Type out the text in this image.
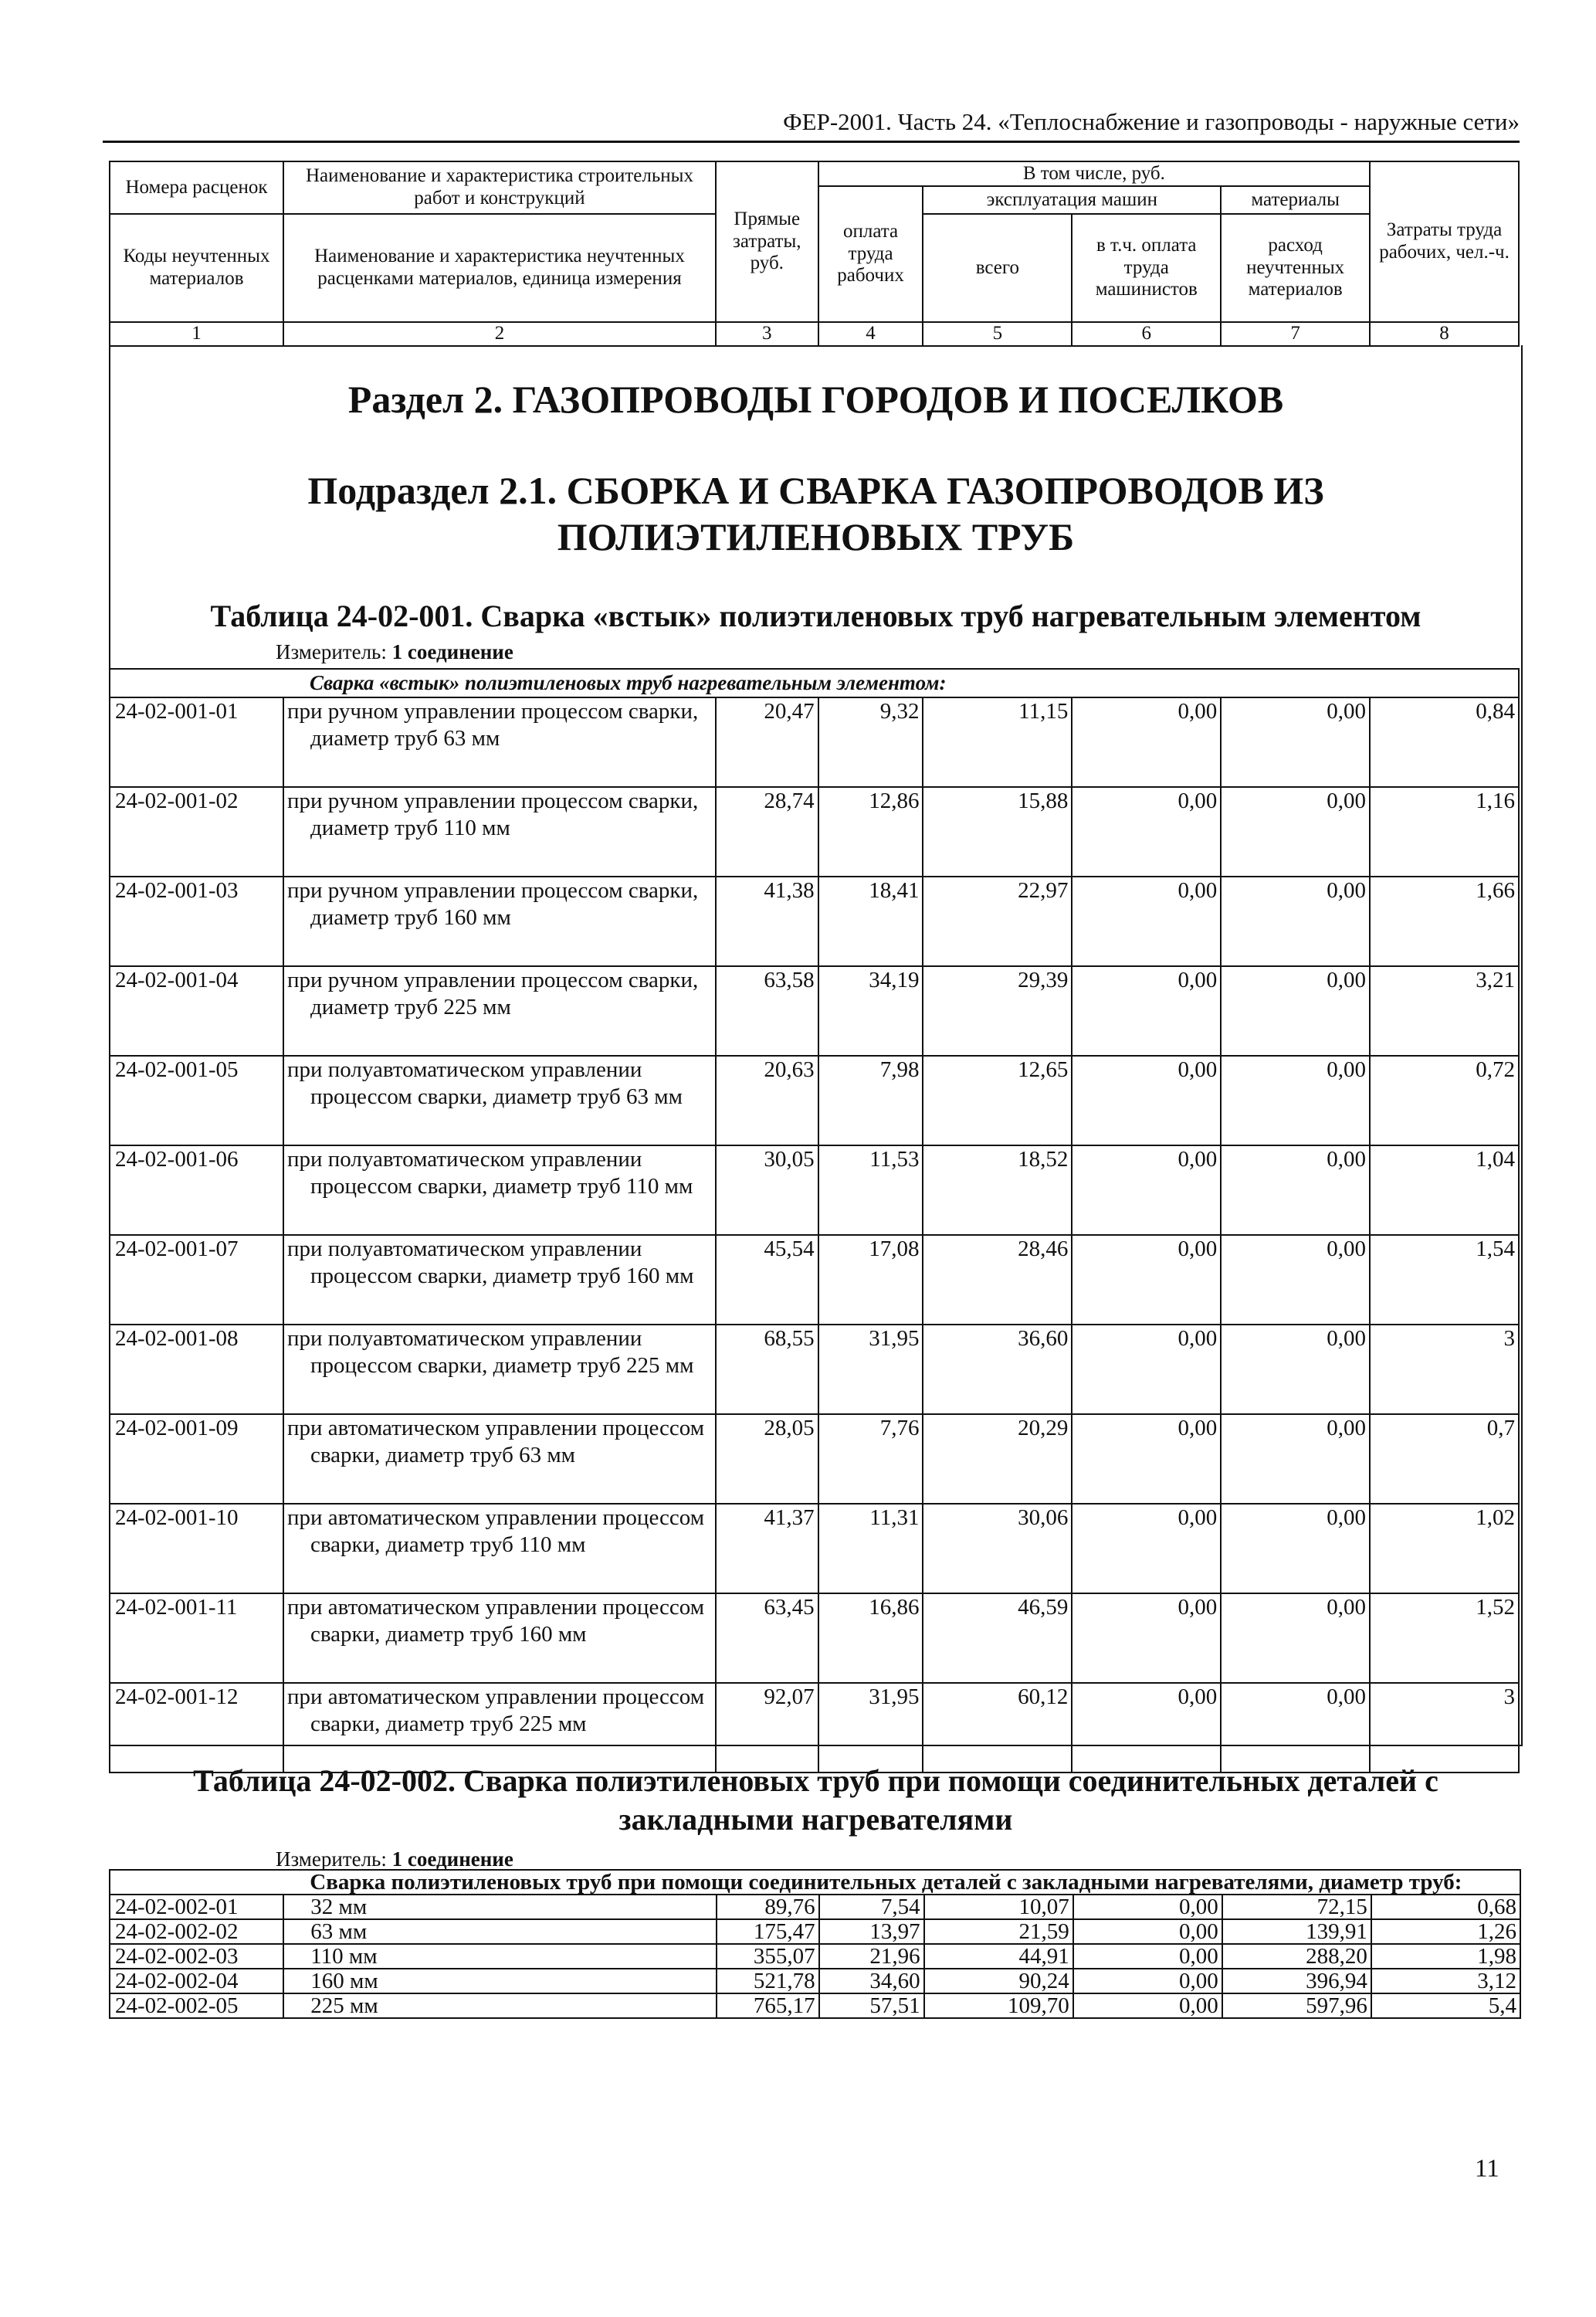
ФЕР-2001. Часть 24. «Теплоснабжение и газопроводы - наружные сети»
Номера расценок	Наименование и характеристика строительных работ и конструкций	Прямые затраты, руб.	В том числе, руб.				Затраты труда рабочих, чел.-ч.
			оплата труда рабочих	эксплуатация машин		материалы	
Коды неучтенных материалов	Наименование и характеристика неучтенных расценками материалов, единица измерения			всего	в т.ч. оплата труда машинистов	расход неучтенных материалов	

1	2	3	4	5	6	7	8
Раздел 2. ГАЗОПРОВОДЫ ГОРОДОВ И ПОСЕЛКОВ
Подраздел 2.1. СБОРКА И СВАРКА ГАЗОПРОВОДОВ ИЗ
ПОЛИЭТИЛЕНОВЫХ ТРУБ
Таблица 24-02-001. Сварка «встык» полиэтиленовых труб нагревательным элементом
Измеритель: 1 соединение
	Сварка «встык» полиэтиленовых труб нагревательным элементом:						
24-02-001-01	при ручном управлении процессом сварки, диаметр труб 63 мм	20,47	9,32	11,15	0,00	0,00	0,84
24-02-001-02	при ручном управлении процессом сварки, диаметр труб 110 мм	28,74	12,86	15,88	0,00	0,00	1,16
24-02-001-03	при ручном управлении процессом сварки, диаметр труб 160 мм	41,38	18,41	22,97	0,00	0,00	1,66
24-02-001-04	при ручном управлении процессом сварки, диаметр труб 225 мм	63,58	34,19	29,39	0,00	0,00	3,21
24-02-001-05	при полуавтоматическом управлении процессом сварки, диаметр труб 63 мм	20,63	7,98	12,65	0,00	0,00	0,72
24-02-001-06	при полуавтоматическом управлении процессом сварки, диаметр труб 110 мм	30,05	11,53	18,52	0,00	0,00	1,04
24-02-001-07	при полуавтоматическом управлении процессом сварки, диаметр труб 160 мм	45,54	17,08	28,46	0,00	0,00	1,54
24-02-001-08	при полуавтоматическом управлении процессом сварки, диаметр труб 225 мм	68,55	31,95	36,60	0,00	0,00	3
24-02-001-09	при автоматическом управлении процессом сварки, диаметр труб 63 мм	28,05	7,76	20,29	0,00	0,00	0,7
24-02-001-10	при автоматическом управлении процессом сварки, диаметр труб 110 мм	41,37	11,31	30,06	0,00	0,00	1,02
24-02-001-11	при автоматическом управлении процессом сварки, диаметр труб 160 мм	63,45	16,86	46,59	0,00	0,00	1,52
24-02-001-12	при автоматическом управлении процессом сварки, диаметр труб 225 мм	92,07	31,95	60,12	0,00	0,00	3
Таблица 24-02-002. Сварка полиэтиленовых труб при помощи соединительных деталей с
закладными нагревателями
Измеритель: 1 соединение
	Сварка полиэтиленовых труб при помощи соединительных деталей с закладными нагревателями, диаметр труб:						
24-02-002-01	32 мм	89,76	7,54	10,07	0,00	72,15	0,68
24-02-002-02	63 мм	175,47	13,97	21,59	0,00	139,91	1,26
24-02-002-03	110 мм	355,07	21,96	44,91	0,00	288,20	1,98
24-02-002-04	160 мм	521,78	34,60	90,24	0,00	396,94	3,12
24-02-002-05	225 мм	765,17	57,51	109,70	0,00	597,96	5,4
11
